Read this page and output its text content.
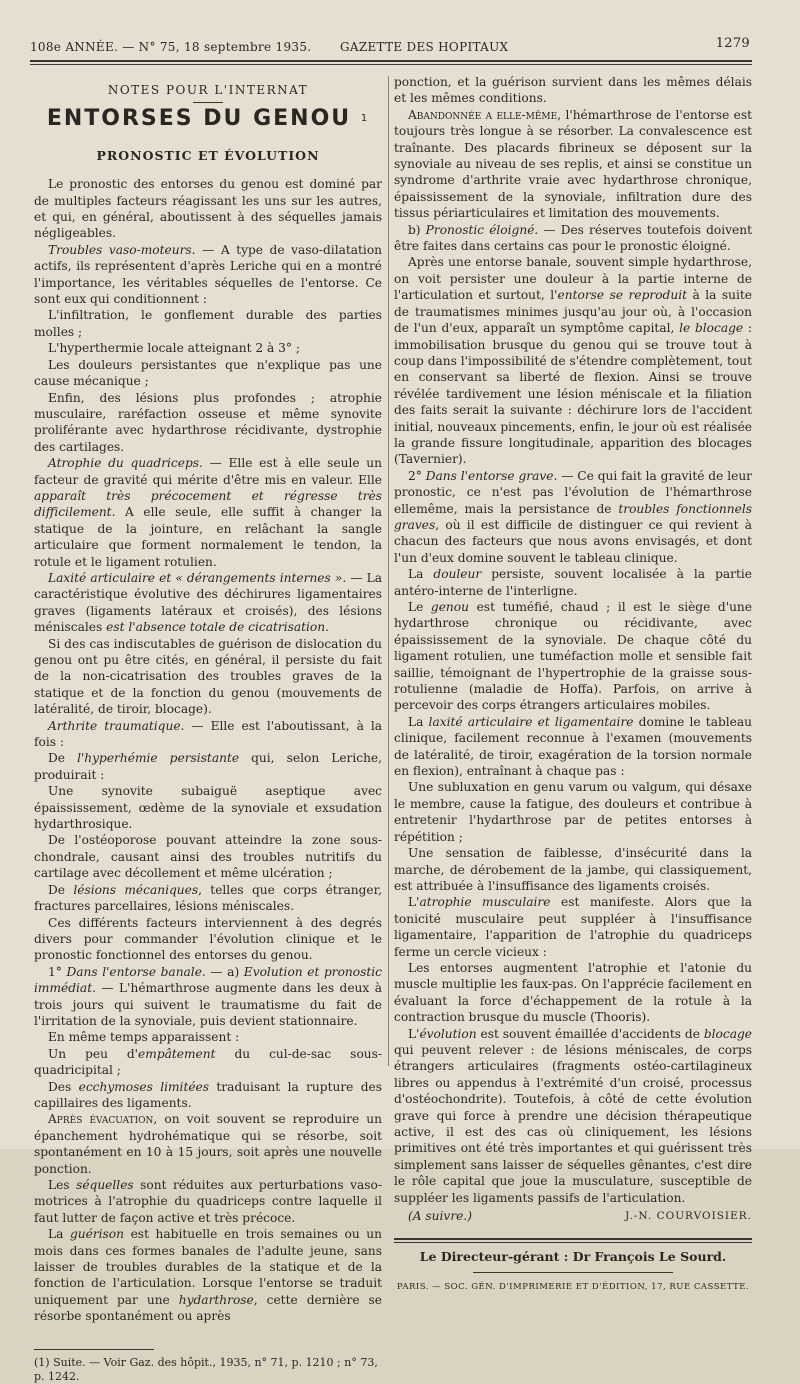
108e ANNÉE. — N° 75, 18 septembre 1935. GAZETTE DES HOPITAUX	1279
NOTES POUR L'INTERNAT
ENTORSES DU GENOU $^1$
PRONOSTIC ET ÉVOLUTION

Le pronostic des entorses du genou est dominé par de multiples facteurs réagissant les uns sur les autres, et qui, en général, aboutissent à des séquelles jamais négligeables.

Troubles vaso-moteurs. — A type de vaso-dilatation actifs, ils représentent d'après Leriche qui en a montré l'importance, les véritables séquelles de l'entorse. Ce sont eux qui conditionnent :

L'infiltration, le gonflement durable des parties molles ;

L'hyperthermie locale atteignant 2 à 3° ;

Les douleurs persistantes que n'explique pas une cause mécanique ;

Enfin, des lésions plus profondes ; atrophie musculaire, raréfaction osseuse et même synovite proliférante avec hydarthrose récidivante, dystrophie des cartilages.

Atrophie du quadriceps. — Elle est à elle seule un facteur de gravité qui mérite d'être mis en valeur. Elle apparaît très précocement et régresse très difficilement. A elle seule, elle suffit à changer la statique de la jointure, en relâchant la sangle articulaire que forment normalement le tendon, la rotule et le ligament rotulien.

Laxité articulaire et « dérangements internes ». — La caractéristique évolutive des déchirures ligamentaires graves (ligaments latéraux et croisés), des lésions méniscales est l'absence totale de cicatrisation.

Si des cas indiscutables de guérison de dislocation du genou ont pu être cités, en général, il persiste du fait de la non-cicatrisation des troubles graves de la statique et de la fonction du genou (mouvements de latéralité, de tiroir, blocage).

Arthrite traumatique. — Elle est l'aboutissant, à la fois :

De l'hyperhémie persistante qui, selon Leriche, produirait :

Une synovite subaiguë aseptique avec épaississement, œdème de la synoviale et exsudation hydarthrosique.

De l'ostéoporose pouvant atteindre la zone sous-chondrale, causant ainsi des troubles nutritifs du cartilage avec décollement et même ulcération ;

De lésions mécaniques, telles que corps étranger, fractures parcellaires, lésions méniscales.

Ces différents facteurs interviennent à des degrés divers pour commander l'évolution clinique et le pronostic fonctionnel des entorses du genou.

1° Dans l'entorse banale. — a) Evolution et pronostic immédiat. — L'hémarthrose augmente dans les deux à trois jours qui suivent le traumatisme du fait de l'irritation de la synoviale, puis devient stationnaire.

En même temps apparaissent :

Un peu d'empâtement du cul-de-sac sous-quadricipital ;

Des ecchymoses limitées traduisant la rupture des capillaires des ligaments.

Après évacuation, on voit souvent se reproduire un épanchement hydrohématique qui se résorbe, soit spontanément en 10 à 15 jours, soit après une nouvelle ponction.

Les séquelles sont réduites aux perturbations vaso-motrices à l'atrophie du quadriceps contre laquelle il faut lutter de façon active et très précoce.

La guérison est habituelle en trois semaines ou un mois dans ces formes banales de l'adulte jeune, sans laisser de troubles durables de la statique et de la fonction de l'articulation. Lorsque l'entorse se traduit uniquement par une hydarthrose, cette dernière se résorbe spontanément ou après

(1) Suite. — Voir Gaz. des hôpit., 1935, n° 71, p. 1210 ; n° 73, p. 1242.

ponction, et la guérison survient dans les mêmes délais et les mêmes conditions.

Abandonnée a elle-même, l'hémarthrose de l'entorse est toujours très longue à se résorber. La convalescence est traînante. Des placards fibrineux se déposent sur la synoviale au niveau de ses replis, et ainsi se constitue un syndrome d'arthrite vraie avec hydarthrose chronique, épaississement de la synoviale, infiltration dure des tissus périarticulaires et limitation des mouvements.

b) Pronostic éloigné. — Des réserves toutefois doivent être faites dans certains cas pour le pronostic éloigné.

Après une entorse banale, souvent simple hydarthrose, on voit persister une douleur à la partie interne de l'articulation et surtout, l'entorse se reproduit à la suite de traumatismes minimes jusqu'au jour où, à l'occasion de l'un d'eux, apparaît un symptôme capital, le blocage : immobilisation brusque du genou qui se trouve tout à coup dans l'impossibilité de s'étendre complètement, tout en conservant sa liberté de flexion. Ainsi se trouve révélée tardivement une lésion méniscale et la filiation des faits serait la suivante : déchirure lors de l'accident initial, nouveaux pincements, enfin, le jour où est réalisée la grande fissure longitudinale, apparition des blocages (Tavernier).

2° Dans l'entorse grave. — Ce qui fait la gravité de leur pronostic, ce n'est pas l'évolution de l'hémarthrose ellemême, mais la persistance de troubles fonctionnels graves, où il est difficile de distinguer ce qui revient à chacun des facteurs que nous avons envisagés, et dont l'un d'eux domine souvent le tableau clinique.

La douleur persiste, souvent localisée à la partie antéro-interne de l'interligne.

Le genou est tuméfié, chaud ; il est le siège d'une hydarthrose chronique ou récidivante, avec épaississement de la synoviale. De chaque côté du ligament rotulien, une tuméfaction molle et sensible fait saillie, témoignant de l'hypertrophie de la graisse sous-rotulienne (maladie de Hoffa). Parfois, on arrive à percevoir des corps étrangers articulaires mobiles.

La laxité articulaire et ligamentaire domine le tableau clinique, facilement reconnue à l'examen (mouvements de latéralité, de tiroir, exagération de la torsion normale en flexion), entraînant à chaque pas :

Une subluxation en genu varum ou valgum, qui désaxe le membre, cause la fatigue, des douleurs et contribue à entretenir l'hydarthrose par de petites entorses à répétition ;

Une sensation de faiblesse, d'insécurité dans la marche, de dérobement de la jambe, qui classiquement, est attribuée à l'insuffisance des ligaments croisés.

L'atrophie musculaire est manifeste. Alors que la tonicité musculaire peut suppléer à l'insuffisance ligamentaire, l'apparition de l'atrophie du quadriceps ferme un cercle vicieux :

Les entorses augmentent l'atrophie et l'atonie du muscle multiplie les faux-pas. On l'apprécie facilement en évaluant la force d'échappement de la rotule à la contraction brusque du muscle (Thooris).

L'évolution est souvent émaillée d'accidents de blocage qui peuvent relever : de lésions méniscales, de corps étrangers articulaires (fragments ostéo-cartilagineux libres ou appendus à l'extrémité d'un croisé, processus d'ostéochondrite). Toutefois, à côté de cette évolution grave qui force à prendre une décision thérapeutique active, il est des cas où cliniquement, les lésions primitives ont été très importantes et qui guérissent très simplement sans laisser de séquelles gênantes, c'est dire le rôle capital que joue la musculature, susceptible de suppléer les ligaments passifs de l'articulation.

(A suivre.)	J.-N. COURVOISIER.
Le Directeur-gérant : Dr François Le Sourd.
PARIS. — SOC. GÉN. D'IMPRIMERIE ET D'ÉDITION, 17, RUE CASSETTE.
